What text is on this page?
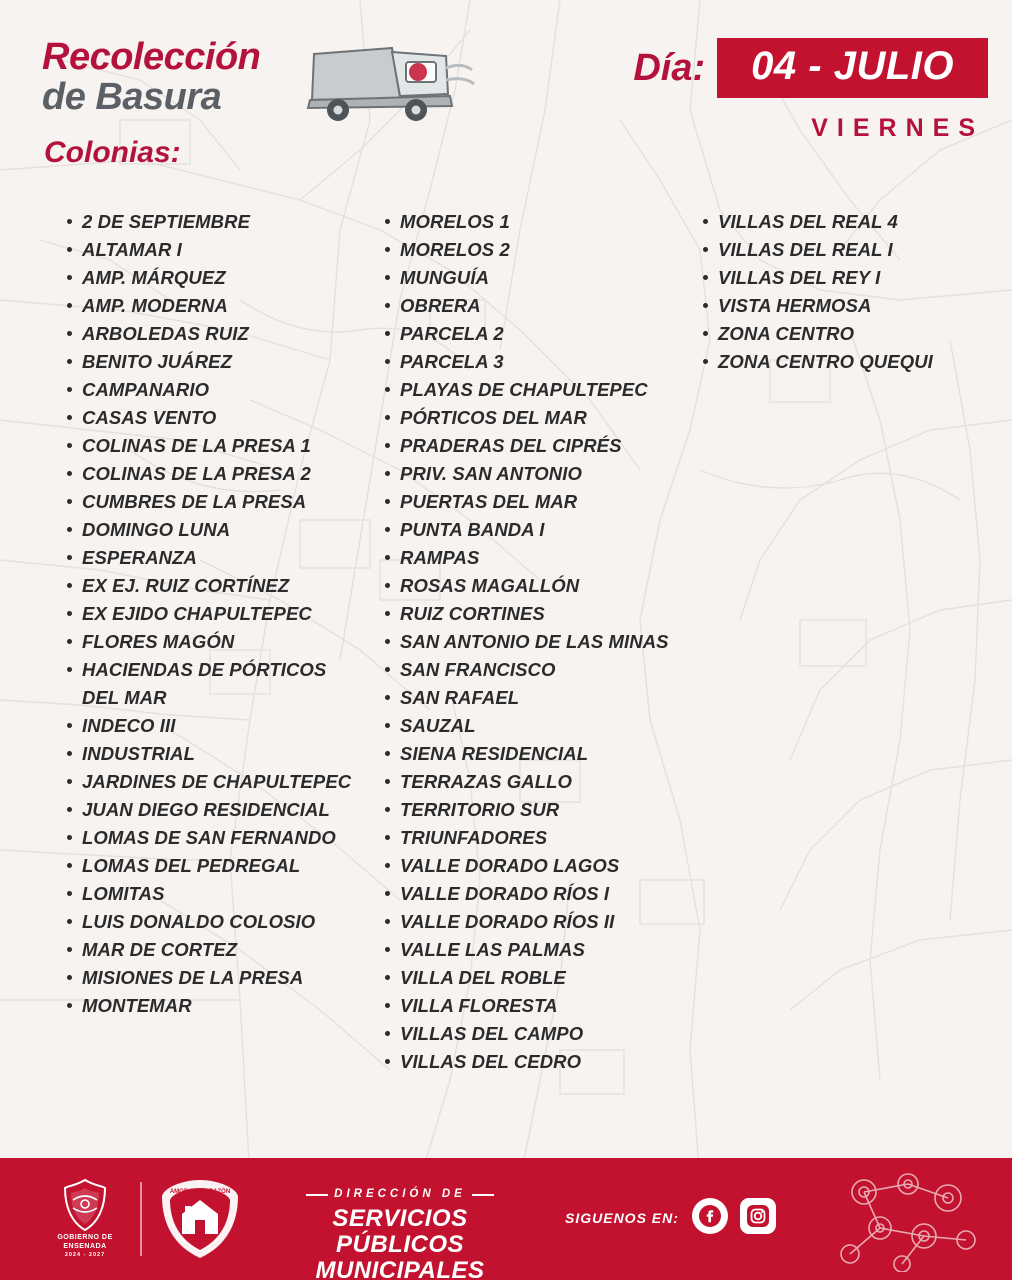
Recolección
de Basura
Día:	04 - JULIO
VIERNES
Colonias:
2 DE SEPTIEMBRE
ALTAMAR I
AMP. MÁRQUEZ
AMP. MODERNA
ARBOLEDAS RUIZ
BENITO JUÁREZ
CAMPANARIO
CASAS VENTO
COLINAS DE LA PRESA 1
COLINAS DE LA PRESA 2
CUMBRES DE LA PRESA
DOMINGO LUNA
ESPERANZA
EX EJ. RUIZ CORTÍNEZ
EX EJIDO CHAPULTEPEC
FLORES MAGÓN
HACIENDAS DE PÓRTICOS DEL MAR
INDECO III
INDUSTRIAL
JARDINES DE CHAPULTEPEC
JUAN DIEGO RESIDENCIAL
LOMAS DE SAN FERNANDO
LOMAS DEL PEDREGAL
LOMITAS
LUIS DONALDO COLOSIO
MAR DE CORTEZ
MISIONES DE LA PRESA
MONTEMAR
MORELOS 1
MORELOS 2
MUNGUÍA
OBRERA
PARCELA 2
PARCELA 3
PLAYAS DE CHAPULTEPEC
PÓRTICOS DEL MAR
PRADERAS DEL CIPRÉS
PRIV. SAN ANTONIO
PUERTAS DEL MAR
PUNTA BANDA I
RAMPAS
ROSAS MAGALLÓN
RUIZ CORTINES
SAN ANTONIO DE LAS MINAS
SAN FRANCISCO
SAN RAFAEL
SAUZAL
SIENA RESIDENCIAL
TERRAZAS GALLO
TERRITORIO SUR
TRIUNFADORES
VALLE DORADO LAGOS
VALLE DORADO RÍOS I
VALLE DORADO RÍOS II
VALLE LAS PALMAS
VILLA DEL ROBLE
VILLA FLORESTA
VILLAS DEL CAMPO
VILLAS DEL CEDRO
VILLAS DEL REAL 4
VILLAS DEL REAL I
VILLAS DEL REY I
VISTA HERMOSA
ZONA CENTRO
ZONA CENTRO QUEQUI
GOBIERNO DE
ENSENADA
2024 - 2027
AMOR EN CORAZÓN	DIRECCIÓN DE
SERVICIOS PÚBLICOS
MUNICIPALES
SIGUENOS EN:
